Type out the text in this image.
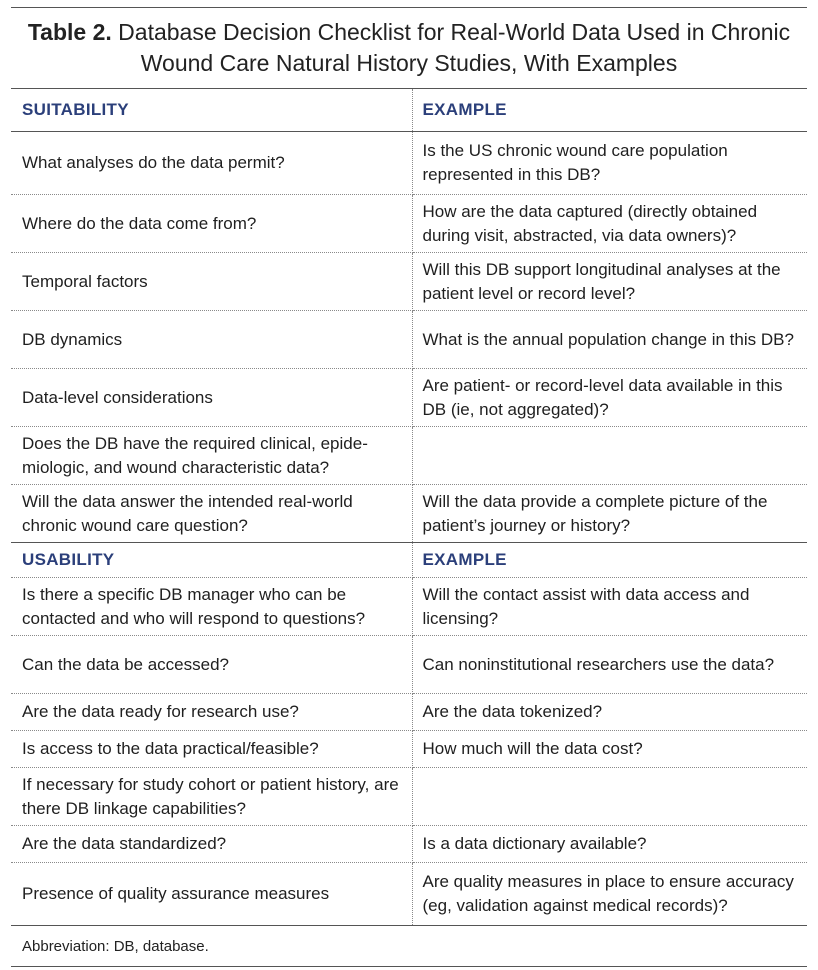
Table 2. Database Decision Checklist for Real-World Data Used in Chronic Wound Care Natural History Studies, With Examples
SUITABILITY	EXAMPLE
What analyses do the data permit?	Is the US chronic wound care population represented in this DB?
Where do the data come from?	How are the data captured (directly obtained during visit, abstracted, via data owners)?
Temporal factors	Will this DB support longitudinal analyses at the patient level or record level?
DB dynamics	What is the annual population change in this DB?
Data-level considerations	Are patient- or record-level data available in this DB (ie, not aggregated)?
Does the DB have the required clinical, epidemiologic, and wound characteristic data?	
Will the data answer the intended real-world chronic wound care question?	Will the data provide a complete picture of the patient’s journey or history?
USABILITY	EXAMPLE
Is there a specific DB manager who can be contacted and who will respond to questions?	Will the contact assist with data access and licensing?
Can the data be accessed?	Can noninstitutional researchers use the data?
Are the data ready for research use?	Are the data tokenized?
Is access to the data practical/feasible?	How much will the data cost?
If necessary for study cohort or patient history, are there DB linkage capabilities?	
Are the data standardized?	Is a data dictionary available?
Presence of quality assurance measures	Are quality measures in place to ensure accuracy (eg, validation against medical records)?
Abbreviation: DB, database.
